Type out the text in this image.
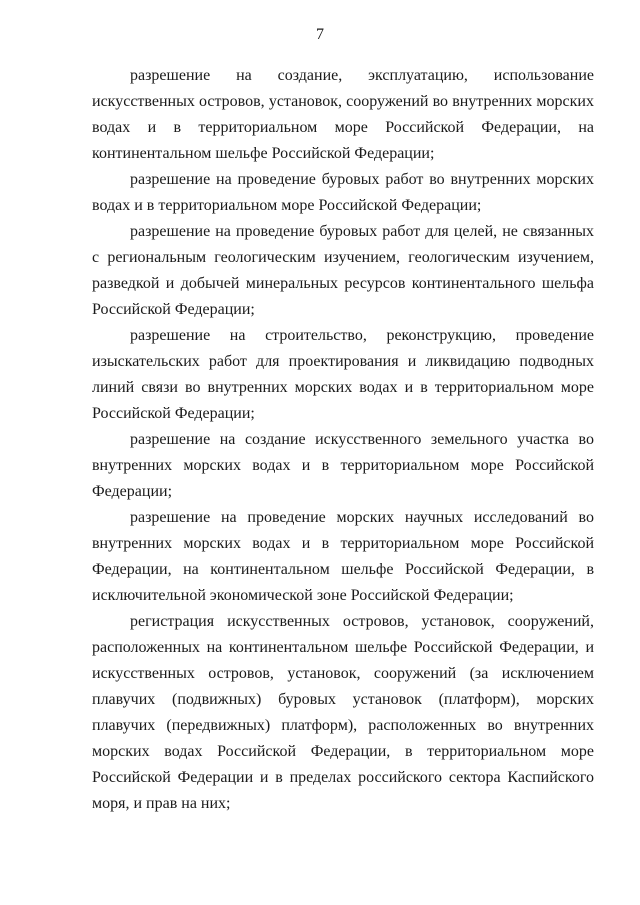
7

разрешение на создание, эксплуатацию, использование искусственных островов, установок, сооружений во внутренних морских водах и в территориальном море Российской Федерации, на континентальном шельфе Российской Федерации;

разрешение на проведение буровых работ во внутренних морских водах и в территориальном море Российской Федерации;

разрешение на проведение буровых работ для целей, не связанных с региональным геологическим изучением, геологическим изучением, разведкой и добычей минеральных ресурсов континентального шельфа Российской Федерации;

разрешение на строительство, реконструкцию, проведение изыскательских работ для проектирования и ликвидацию подводных линий связи во внутренних морских водах и в территориальном море Российской Федерации;

разрешение на создание искусственного земельного участка во внутренних морских водах и в территориальном море Российской Федерации;

разрешение на проведение морских научных исследований во внутренних морских водах и в территориальном море Российской Федерации, на континентальном шельфе Российской Федерации, в исключительной экономической зоне Российской Федерации;

регистрация искусственных островов, установок, сооружений, расположенных на континентальном шельфе Российской Федерации, и искусственных островов, установок, сооружений (за исключением плавучих (подвижных) буровых установок (платформ), морских плавучих (передвижных) платформ), расположенных во внутренних морских водах Российской Федерации, в территориальном море Российской Федерации и в пределах российского сектора Каспийского моря, и прав на них;
